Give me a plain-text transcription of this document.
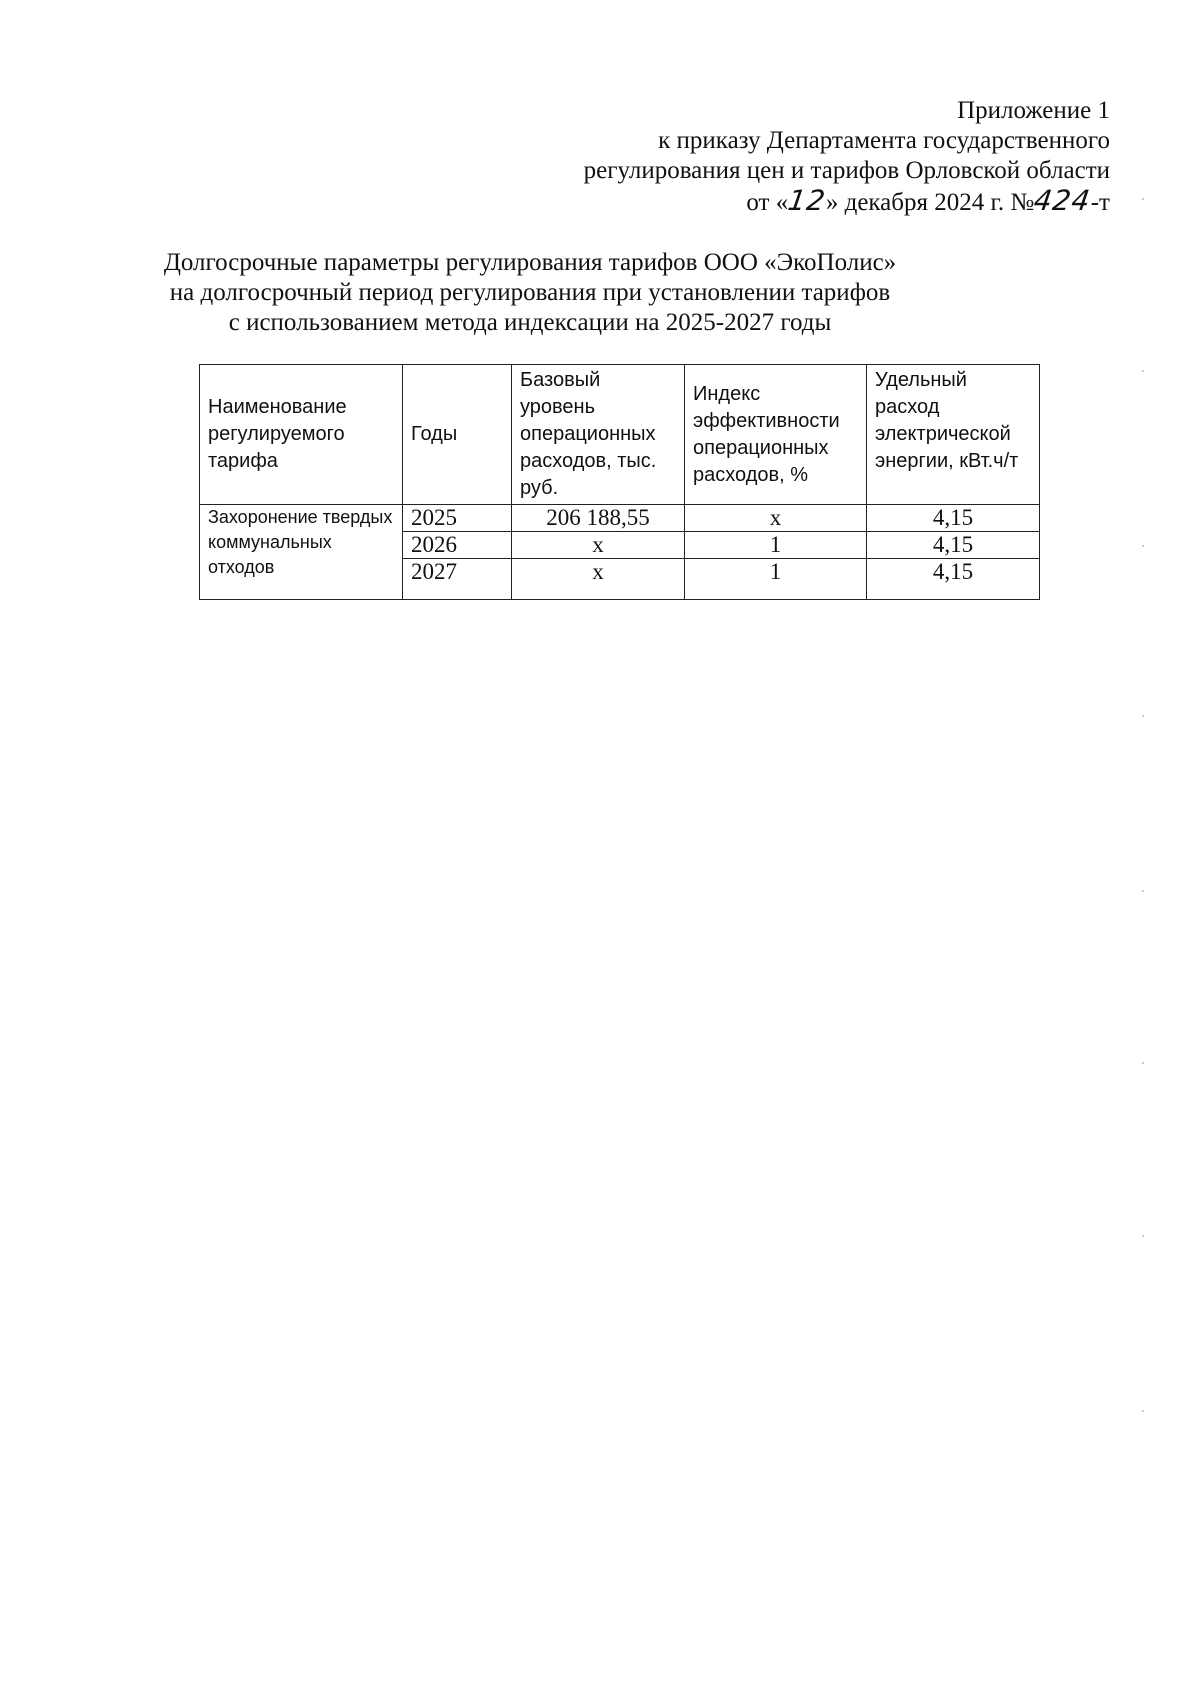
Приложение 1
к приказу Департамента государственного
регулирования цен и тарифов Орловской области
от «12» декабря 2024 г. №424-т
Долгосрочные параметры регулирования тарифов ООО «ЭкоПолис»
на долгосрочный период регулирования при установлении тарифов
с использованием метода индексации на 2025-2027 годы
Наименование регулируемого тарифа	Годы	Базовый уровень операционных расходов, тыс. руб.	Индекс эффективности операционных расходов, %	Удельный расход электрической энергии, кВт.ч/т

Захоронение твердых коммунальных отходов	2025	206 188,55	х	4,15
	2026	х	1	4,15
	2027	х	1	4,15
